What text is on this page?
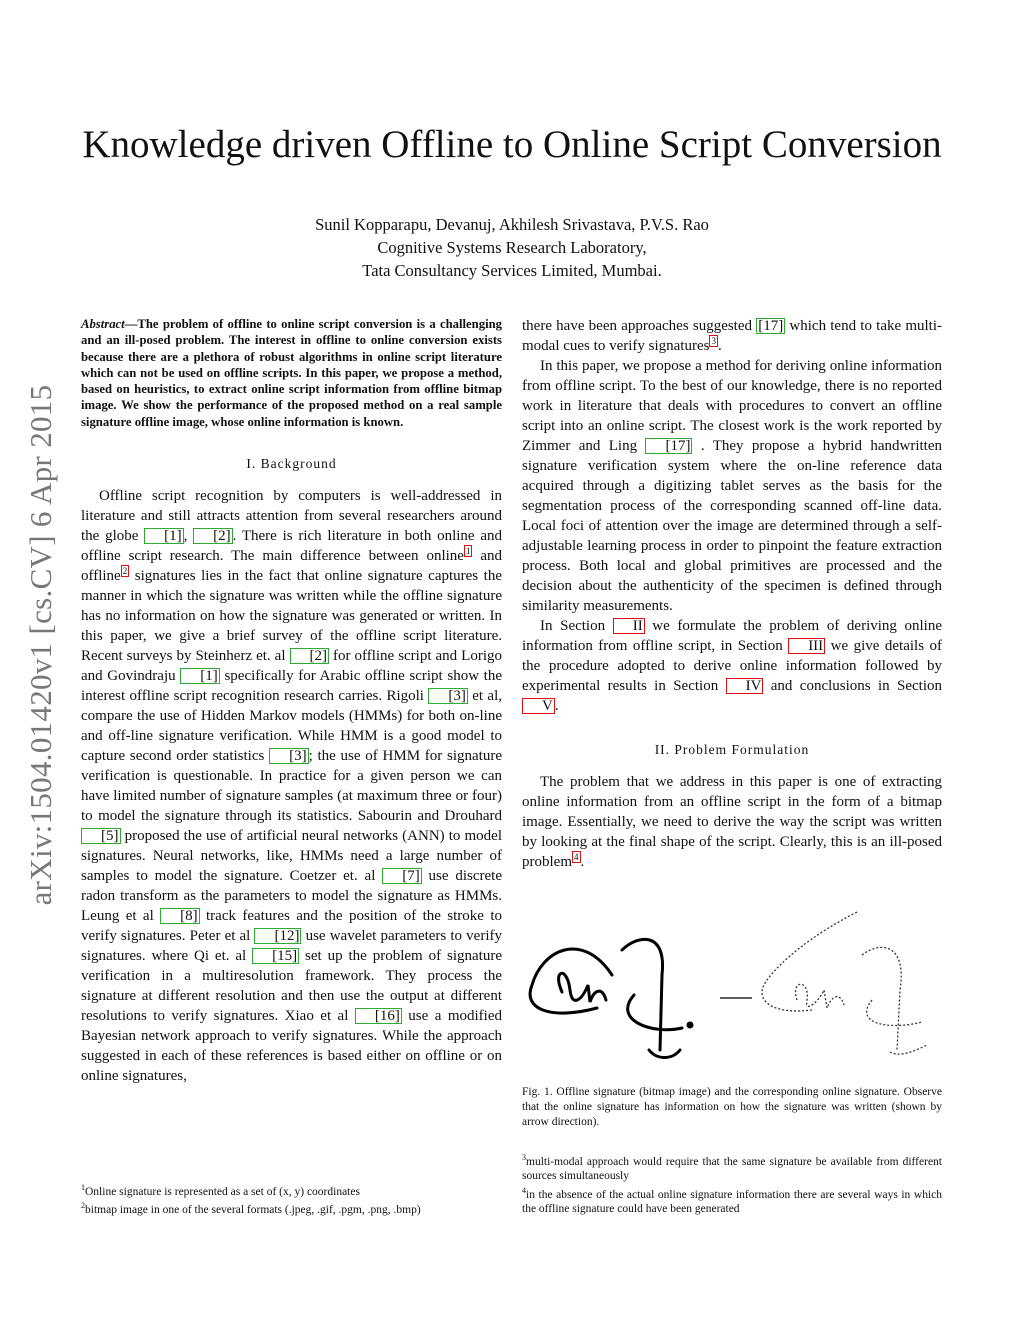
Knowledge driven Offline to Online Script Conversion
Sunil Kopparapu, Devanuj, Akhilesh Srivastava, P.V.S. Rao
Cognitive Systems Research Laboratory,
Tata Consultancy Services Limited, Mumbai.
arXiv:1504.01420v1 [cs.CV] 6 Apr 2015

Abstract—The problem of offline to online script conversion is a challenging and an ill-posed problem. The interest in offline to online conversion exists because there are a plethora of robust algorithms in online script literature which can not be used on offline scripts. In this paper, we propose a method, based on heuristics, to extract online script information from offline bitmap image. We show the performance of the proposed method on a real sample signature offline image, whose online information is known.

I. Background

Offline script recognition by computers is well-addressed in literature and still attracts attention from several researchers around the globe [1] , [2] . There is rich literature in both online and offline script research. The main difference between online $^1$ and offline $^2$ signatures lies in the fact that online signature captures the manner in which the signature was written while the offline signature has no information on how the signature was generated or written. In this paper, we give a brief survey of the offline script literature. Recent surveys by Steinherz et. al [2] for offline script and Lorigo and Govindraju [1] specifically for Arabic offline script show the interest offline script recognition research carries. Rigoli [3] et al, compare the use of Hidden Markov models (HMMs) for both on-line and off-line signature verification. While HMM is a good model to capture second order statistics [3] ; the use of HMM for signature verification is questionable. In practice for a given person we can have limited number of signature samples (at maximum three or four) to model the signature through its statistics. Sabourin and Drouhard [5] proposed the use of artificial neural networks (ANN) to model signatures. Neural networks, like, HMMs need a large number of samples to model the signature. Coetzer et. al [7] use discrete radon transform as the parameters to model the signature as HMMs. Leung et al [8] track features and the position of the stroke to verify signatures. Peter et al [12] use wavelet parameters to verify signatures. where Qi et. al [15] set up the problem of signature verification in a multiresolution framework. They process the signature at different resolution and then use the output at different resolutions to verify signatures. Xiao et al [16] use a modified Bayesian network approach to verify signatures. While the approach suggested in each of these references is based either on offline or on online signatures,

$^1$Online signature is represented as a set of (x, y) coordinates
$^2$bitmap image in one of the several formats (.jpeg, .gif, .pgm, .png, .bmp)

there have been approaches suggested [17] which tend to take multi-modal cues to verify signatures $^3$ .

In this paper, we propose a method for deriving online information from offline script. To the best of our knowledge, there is no reported work in literature that deals with procedures to convert an offline script into an online script. The closest work is the work reported by Zimmer and Ling [17] . They propose a hybrid handwritten signature verification system where the on-line reference data acquired through a digitizing tablet serves as the basis for the segmentation process of the corresponding scanned off-line data. Local foci of attention over the image are determined through a self-adjustable learning process in order to pinpoint the feature extraction process. Both local and global primitives are processed and the decision about the authenticity of the specimen is defined through similarity measurements.

In Section II we formulate the problem of deriving online information from offline script, in Section III we give details of the procedure adopted to derive online information followed by experimental results in Section IV and conclusions in Section V .

II. Problem Formulation

The problem that we address in this paper is one of extracting online information from an offline script in the form of a bitmap image. Essentially, we need to derive the way the script was written by looking at the final shape of the script. Clearly, this is an ill-posed problem $^4$ .

Fig. 1. Offline signature (bitmap image) and the corresponding online signature. Observe that the online signature has information on how the signature was written (shown by arrow direction).
$^3$multi-modal approach would require that the same signature be available from different sources simultaneously
$^4$in the absence of the actual online signature information there are several ways in which the offline signature could have been generated
